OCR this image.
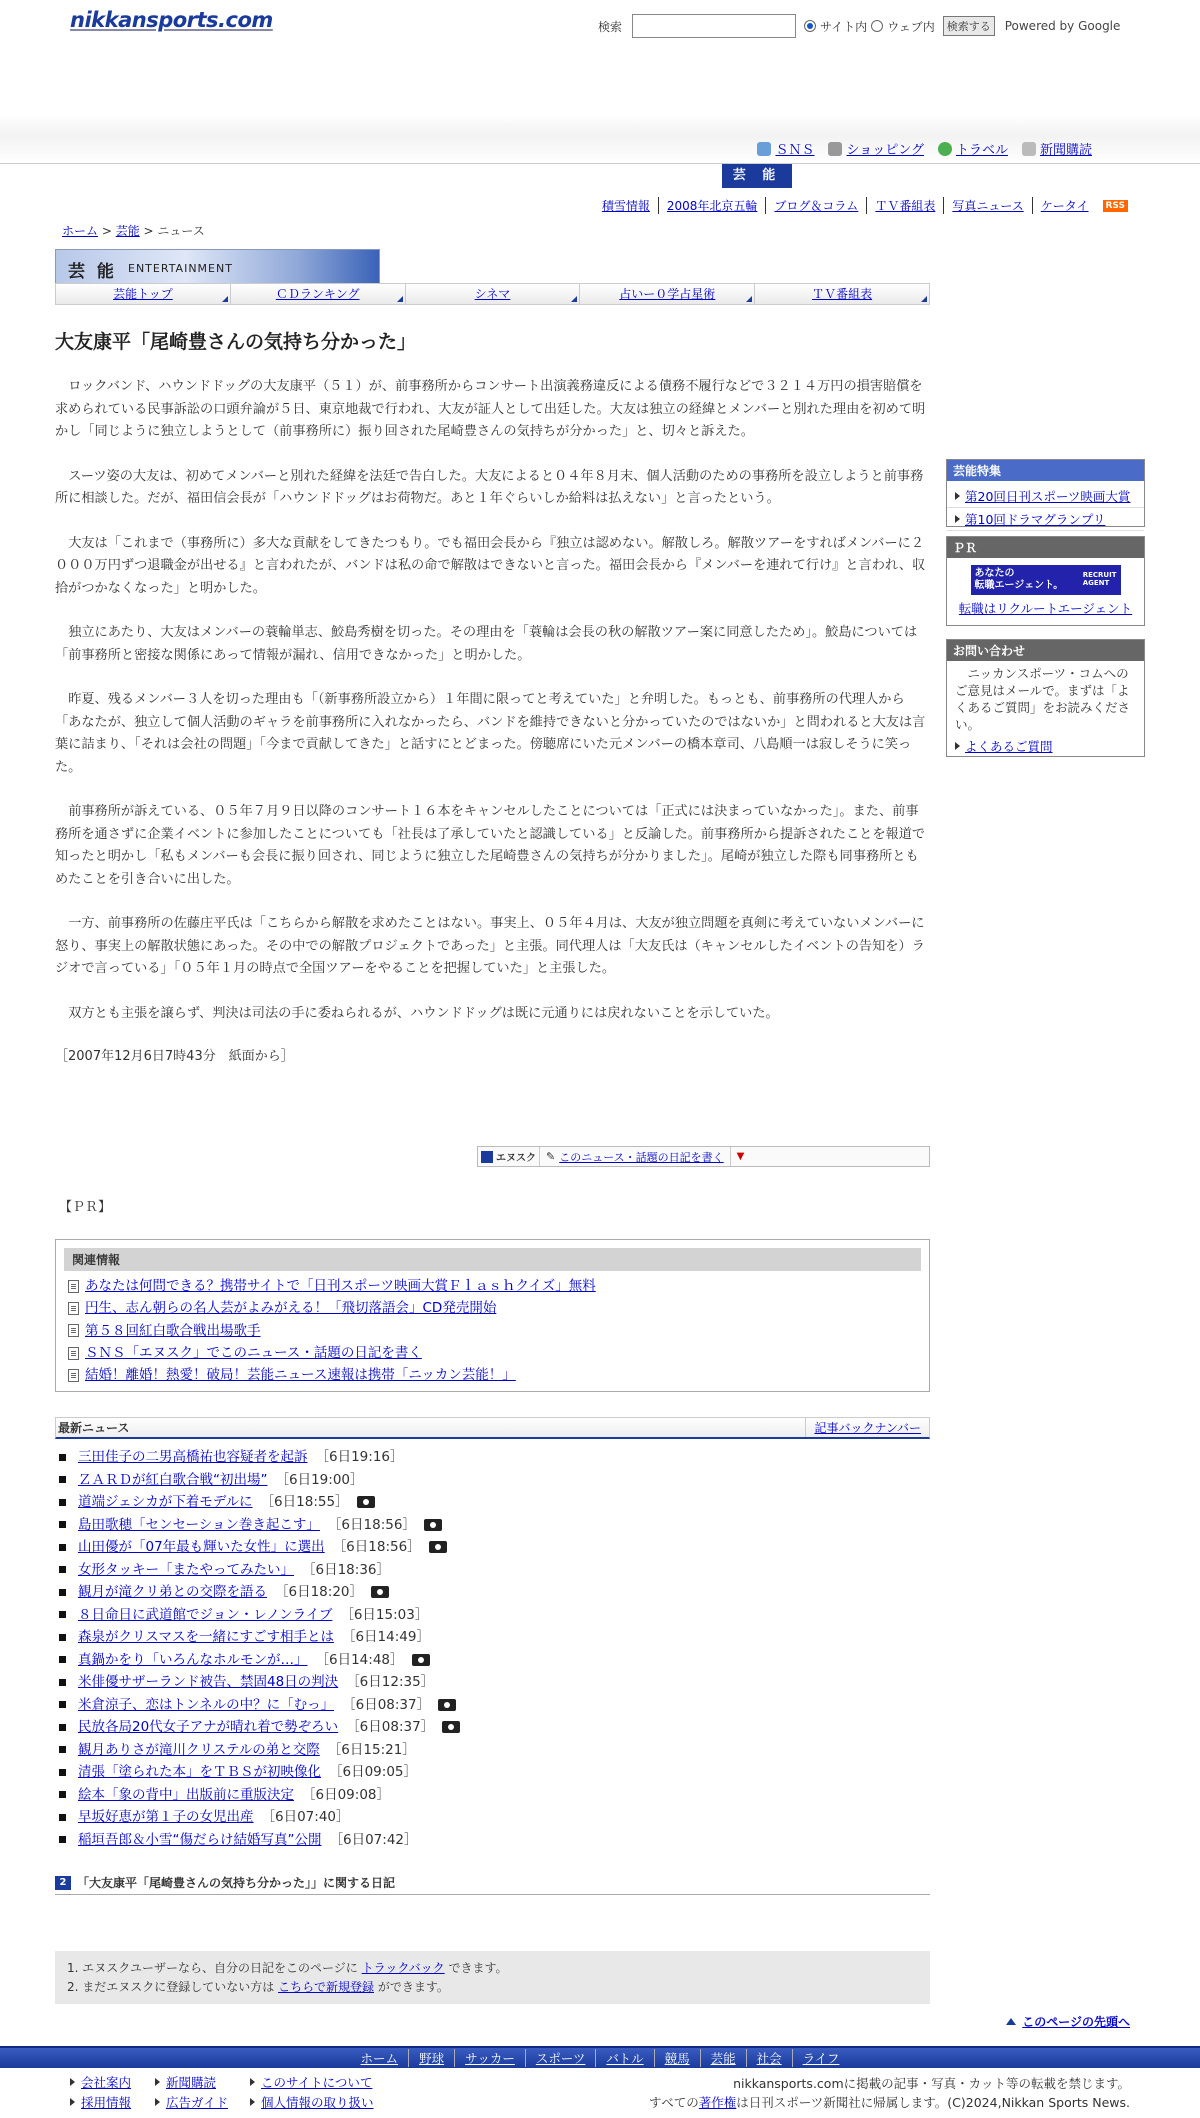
nikkansports.com	検索	サイト内 ウェブ内	検索する	Powered by Google
ＳＮＳ ショッピング トラベル 新聞購読
芸 能
積雪情報	2008年北京五輪	ブログ＆コラム	ＴＶ番組表	写真ニュース	ケータイ	RSS
ホーム > 芸能 > ニュース
芸 能 ENTERTAINMENT
芸能トップ	ＣＤランキング	シネマ	占いー０学占星術	ＴＶ番組表
大友康平「尾崎豊さんの気持ち分かった」

ロックバンド、ハウンドドッグの大友康平（５１）が、前事務所からコンサート出演義務違反による債務不履行などで３２１４万円の損害賠償を求められている民事訴訟の口頭弁論が５日、東京地裁で行われ、大友が証人として出廷した。大友は独立の経緯とメンバーと別れた理由を初めて明かし「同じように独立しようとして（前事務所に）振り回された尾崎豊さんの気持ちが分かった」と、切々と訴えた。

スーツ姿の大友は、初めてメンバーと別れた経緯を法廷で告白した。大友によると０４年８月末、個人活動のための事務所を設立しようと前事務所に相談した。だが、福田信会長が「ハウンドドッグはお荷物だ。あと１年ぐらいしか給料は払えない」と言ったという。

大友は「これまで（事務所に）多大な貢献をしてきたつもり。でも福田会長から『独立は認めない。解散しろ。解散ツアーをすればメンバーに２０００万円ずつ退職金が出せる』と言われたが、バンドは私の命で解散はできないと言った。福田会長から『メンバーを連れて行け』と言われ、収拾がつかなくなった」と明かした。

独立にあたり、大友はメンバーの蓑輪単志、鮫島秀樹を切った。その理由を「蓑輪は会長の秋の解散ツアー案に同意したため」。鮫島については「前事務所と密接な関係にあって情報が漏れ、信用できなかった」と明かした。

昨夏、残るメンバー３人を切った理由も「（新事務所設立から）１年間に限ってと考えていた」と弁明した。もっとも、前事務所の代理人から「あなたが、独立して個人活動のギャラを前事務所に入れなかったら、バンドを維持できないと分かっていたのではないか」と問われると大友は言葉に詰まり、「それは会社の問題」「今まで貢献してきた」と話すにとどまった。傍聴席にいた元メンバーの橋本章司、八島順一は寂しそうに笑った。

前事務所が訴えている、０５年７月９日以降のコンサート１６本をキャンセルしたことについては「正式には決まっていなかった」。また、前事務所を通さずに企業イベントに参加したことについても「社長は了承していたと認識している」と反論した。前事務所から提訴されたことを報道で知ったと明かし「私もメンバーも会長に振り回され、同じように独立した尾崎豊さんの気持ちが分かりました」。尾崎が独立した際も同事務所ともめたことを引き合いに出した。

一方、前事務所の佐藤庄平氏は「こちらから解散を求めたことはない。事実上、０５年４月は、大友が独立問題を真剣に考えていないメンバーに怒り、事実上の解散状態にあった。その中での解散プロジェクトであった」と主張。同代理人は「大友氏は（キャンセルしたイベントの告知を）ラジオで言っている」「０５年１月の時点で全国ツアーをやることを把握していた」と主張した。

双方とも主張を譲らず、判決は司法の手に委ねられるが、ハウンドドッグは既に元通りには戻れないことを示していた。

［2007年12月6日7時43分　紙面から］
エヌスク ✎ このニュース・話題の日記を書く	▼
【ＰＲ】
関連情報
あなたは何問できる？携帯サイトで「日刊スポーツ映画大賞Ｆｌａｓｈクイズ」無料
円生、志ん朝らの名人芸がよみがえる！「飛切落語会」CD発売開始
第５８回紅白歌合戦出場歌手
ＳＮＳ「エヌスク」でこのニュース・話題の日記を書く
結婚！離婚！熱愛！破局！芸能ニュース速報は携帯「ニッカン芸能！」
最新ニュース	記事バックナンバー
三田佳子の二男高橋祐也容疑者を起訴 ［6日19:16］
ＺＡＲＤが紅白歌合戦“初出場” ［6日19:00］
道端ジェシカが下着モデルに ［6日18:55］
島田歌穂「センセーション巻き起こす」 ［6日18:56］
山田優が「07年最も輝いた女性」に選出 ［6日18:56］
女形タッキー「またやってみたい」 ［6日18:36］
観月が滝クリ弟との交際を語る ［6日18:20］
８日命日に武道館でジョン・レノンライブ ［6日15:03］
森泉がクリスマスを一緒にすごす相手とは ［6日14:49］
真鍋かをり「いろんなホルモンが…」 ［6日14:48］
米俳優サザーランド被告、禁固48日の判決 ［6日12:35］
米倉涼子、恋はトンネルの中？に「むっ」 ［6日08:37］
民放各局20代女子アナが晴れ着で勢ぞろい ［6日08:37］
観月ありさが滝川クリステルの弟と交際 ［6日15:21］
清張「塗られた本」をＴＢＳが初映像化 ［6日09:05］
絵本「象の背中」出版前に重版決定 ［6日09:08］
早坂好恵が第１子の女児出産 ［6日07:40］
稲垣吾郎＆小雪“傷だらけ結婚写真”公開 ［6日07:42］
2 「大友康平「尾崎豊さんの気持ち分かった」」に関する日記
1. エヌスクユーザーなら、自分の日記をこのページに トラックバック できます。
2. まだエヌスクに登録していない方は こちらで新規登録 ができます。
このページの先頭へ
ホーム	野球	サッカー	スポーツ	バトル	競馬	芸能	社会	ライフ
会社案内	新聞購読	このサイトについて
採用情報	広告ガイド	個人情報の取り扱い
nikkansports.comに掲載の記事・写真・カット等の転載を禁じます。
すべての著作権は日刊スポーツ新聞社に帰属します。(C)2024,Nikkan Sports News.
芸能特集
第20回日刊スポーツ映画大賞
第10回ドラマグランプリ
ＰＲ
あなたの
転職エージェント。
RECRUIT
AGENT
転職はリクルートエージェント
お問い合わせ
ニッカンスポーツ・コムへのご意見はメールで。まずは「よくあるご質問」をお読みください。
よくあるご質問
